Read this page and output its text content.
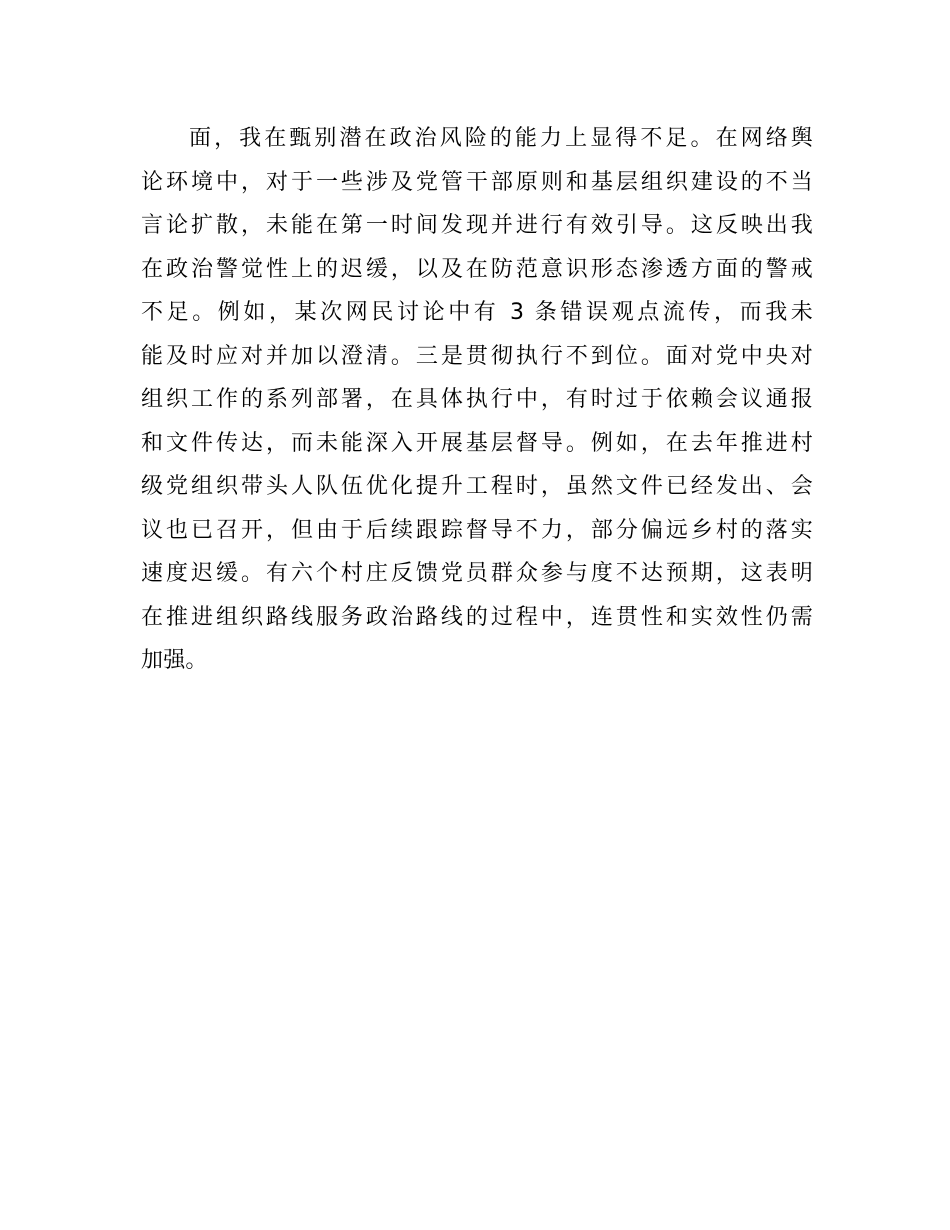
面，我在甄别潜在政治风险的能力上显得不足。在网络舆
论环境中，对于一些涉及党管干部原则和基层组织建设的不当
言论扩散，未能在第一时间发现并进行有效引导。这反映出我
在政治警觉性上的迟缓，以及在防范意识形态渗透方面的警戒
不足。例如，某次网民讨论中有 3 条错误观点流传，而我未
能及时应对并加以澄清。三是贯彻执行不到位。面对党中央对
组织工作的系列部署，在具体执行中，有时过于依赖会议通报
和文件传达，而未能深入开展基层督导。例如，在去年推进村
级党组织带头人队伍优化提升工程时，虽然文件已经发出、会
议也已召开，但由于后续跟踪督导不力，部分偏远乡村的落实
速度迟缓。有六个村庄反馈党员群众参与度不达预期，这表明
在推进组织路线服务政治路线的过程中，连贯性和实效性仍需
加强。
